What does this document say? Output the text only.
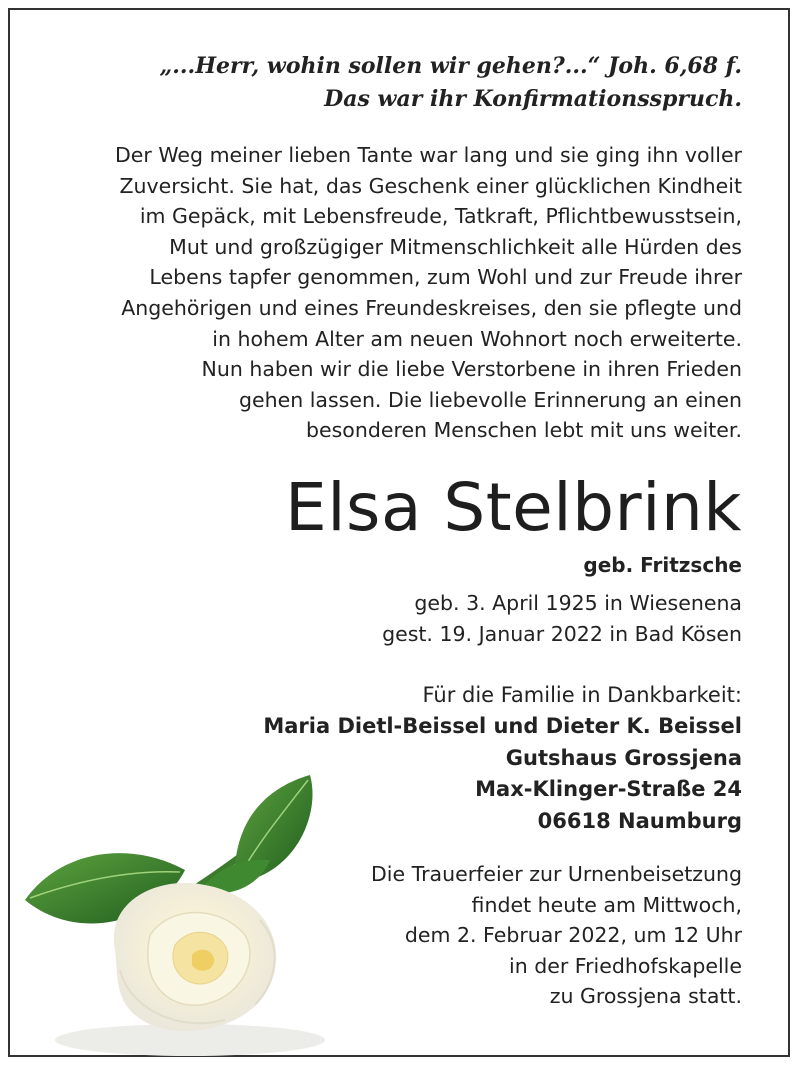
„...Herr, wohin sollen wir gehen?...“ Joh. 6,68 f.
Das war ihr Konfirmationsspruch.

Der Weg meiner lieben Tante war lang und sie ging ihn voller
Zuversicht. Sie hat, das Geschenk einer glücklichen Kindheit
im Gepäck, mit Lebensfreude, Tatkraft, Pflichtbewusstsein,
Mut und großzügiger Mitmenschlichkeit alle Hürden des
Lebens tapfer genommen, zum Wohl und zur Freude ihrer
Angehörigen und eines Freundeskreises, den sie pflegte und
in hohem Alter am neuen Wohnort noch erweiterte.
Nun haben wir die liebe Verstorbene in ihren Frieden
gehen lassen. Die liebevolle Erinnerung an einen
besonderen Menschen lebt mit uns weiter.

Elsa Stelbrink
geb. Fritzsche

geb. 3. April 1925 in Wiesenena
gest. 19. Januar 2022 in Bad Kösen

Für die Familie in Dankbarkeit:
Maria Dietl-Beissel und Dieter K. Beissel
Gutshaus Grossjena
Max-Klinger-Straße 24
06618 Naumburg

Die Trauerfeier zur Urnenbeisetzung
findet heute am Mittwoch,
dem 2. Februar 2022, um 12 Uhr
in der Friedhofskapelle
zu Grossjena statt.
